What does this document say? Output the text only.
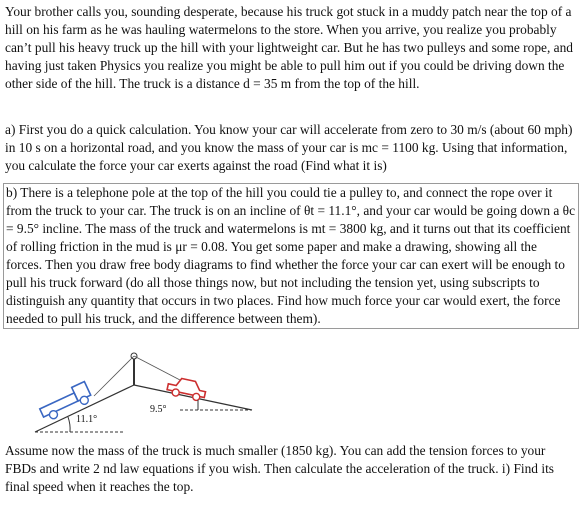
Your brother calls you, sounding desperate, because his truck got stuck in a muddy patch near the top of a hill on his farm as he was hauling watermelons to the store. When you arrive, you realize you probably can’t pull his heavy truck up the hill with your lightweight car. But he has two pulleys and some rope, and having just taken Physics you realize you might be able to pull him out if you could be driving down the other side of the hill. The truck is a distance d = 35 m from the top of the hill.

a) First you do a quick calculation. You know your car will accelerate from zero to 30 m/s (about 60 mph) in 10 s on a horizontal road, and you know the mass of your car is mc = 1100 kg. Using that information, you calculate the force your car exerts against the road (Find what it is)

b) There is a telephone pole at the top of the hill you could tie a pulley to, and connect the rope over it from the truck to your car. The truck is on an incline of θt = 11.1°, and your car would be going down a θc = 9.5° incline. The mass of the truck and watermelons is mt = 3800 kg, and it turns out that its coefficient of rolling friction in the mud is μr = 0.08. You get some paper and make a drawing, showing all the forces. Then you draw free body diagrams to find whether the force your car can exert will be enough to pull his truck forward (do all those things now, but not including the tension yet, using subscripts to distinguish any quantity that occurs in two places. Find how much force your car would exert, the force needed to pull his truck, and the difference between them).

11.1°
9.5°

Assume now the mass of the truck is much smaller (1850 kg). You can add the tension forces to your FBDs and write 2 nd law equations if you wish. Then calculate the acceleration of the truck. i) Find its final speed when it reaches the top.
